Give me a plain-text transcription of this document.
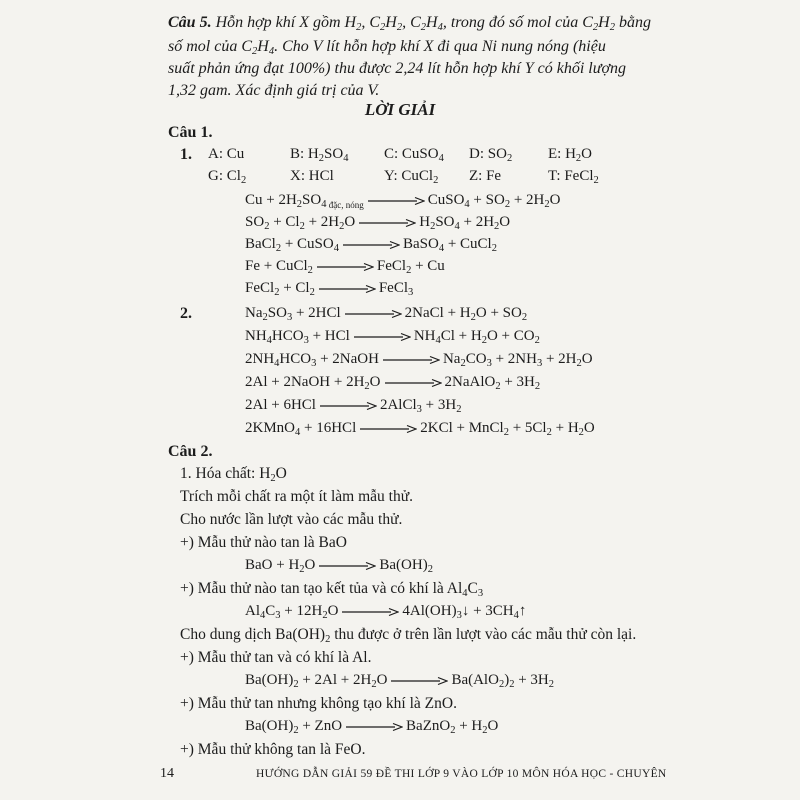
Câu 5. Hỗn hợp khí X gồm $H_2$, $C_2H_2$, $C_2H_4$, trong đó số mol của $C_2H_2$ bằng
số mol của $C_2H_4$. Cho V lít hỗn hợp khí X đi qua Ni nung nóng (hiệu
suất phản ứng đạt 100%) thu được 2,24 lít hỗn hợp khí Y có khối lượng
1,32 gam. Xác định giá trị của V.
LỜI GIẢI
Câu 1.
1. A: Cu	B: $H_2SO_4$ C: CuSO$_4$ D: $SO_2$ E: $H_2O$
G: $Cl_2$	X: HCl	Y: CuCl$_2$ Z: Fe	T: FeCl$_2$
$Cu + 2H_2SO_4$ $_{đặc, nóng}$ → CuSO$_4$ + $SO_2 + 2H_2O$
$SO_2 + Cl_2 + 2H_2O \to H_2SO_4 + 2H_2O$
BaCl$_2$ + CuSO$_4$ → BaSO$_4$ + CuCl$_2$
Fe + CuCl$_2$ → FeCl$_2$ + Cu
FeCl$_2$ + $Cl_2$ → FeCl$_3$
2.	$Na_2SO_3 + 2HCl$ → 2NaCl + $H_2O + SO_2$
$NH_4HCO_3$ + HCl → $NH_4Cl + H_2O + CO_2$
$2NH_4HCO_3$ + 2NaOH → $Na_2CO_3 + 2NH_3 + 2H_2O$
2Al + 2NaOH + $2H_2O$ → 2NaAlO$_2$ + $3H_2$
2Al + 6HCl → 2AlCl$_3$ + $3H_2$
2KMnO$_4$ + 16HCl → 2KCl + MnCl$_2$ + $5Cl_2 + H_2O$
Câu 2.
1. Hóa chất: $H_2O$
Trích mỗi chất ra một ít làm mẫu thử.
Cho nước lần lượt vào các mẫu thử.
+) Mẫu thử nào tan là BaO
BaO + $H_2O \to Ba(OH)_2$
+) Mẫu thử nào tan tạo kết tủa và có khí là $Al_4C_3$
$Al_4C_3 + 12H_2O$ → $4Al(OH)_3↓$ + $3CH_4↑$
Cho dung dịch $Ba(OH)_2$ thu được ở trên lần lượt vào các mẫu thử còn lại.
+) Mẫu thử tan và có khí là Al.
$Ba(OH)_2 + 2Al + 2H_2O \to Ba(AlO_2)_2 + 3H_2$
+) Mẫu thử tan nhưng không tạo khí là ZnO.
$Ba(OH)_2$ + ZnO → BaZnO$_2$ + $H_2O$
+) Mẫu thử không tan là FeO.
14	HƯỚNG DẪN GIẢI 59 ĐỀ THI LỚP 9 VÀO LỚP 10 MÔN HÓA HỌC - CHUYÊN
